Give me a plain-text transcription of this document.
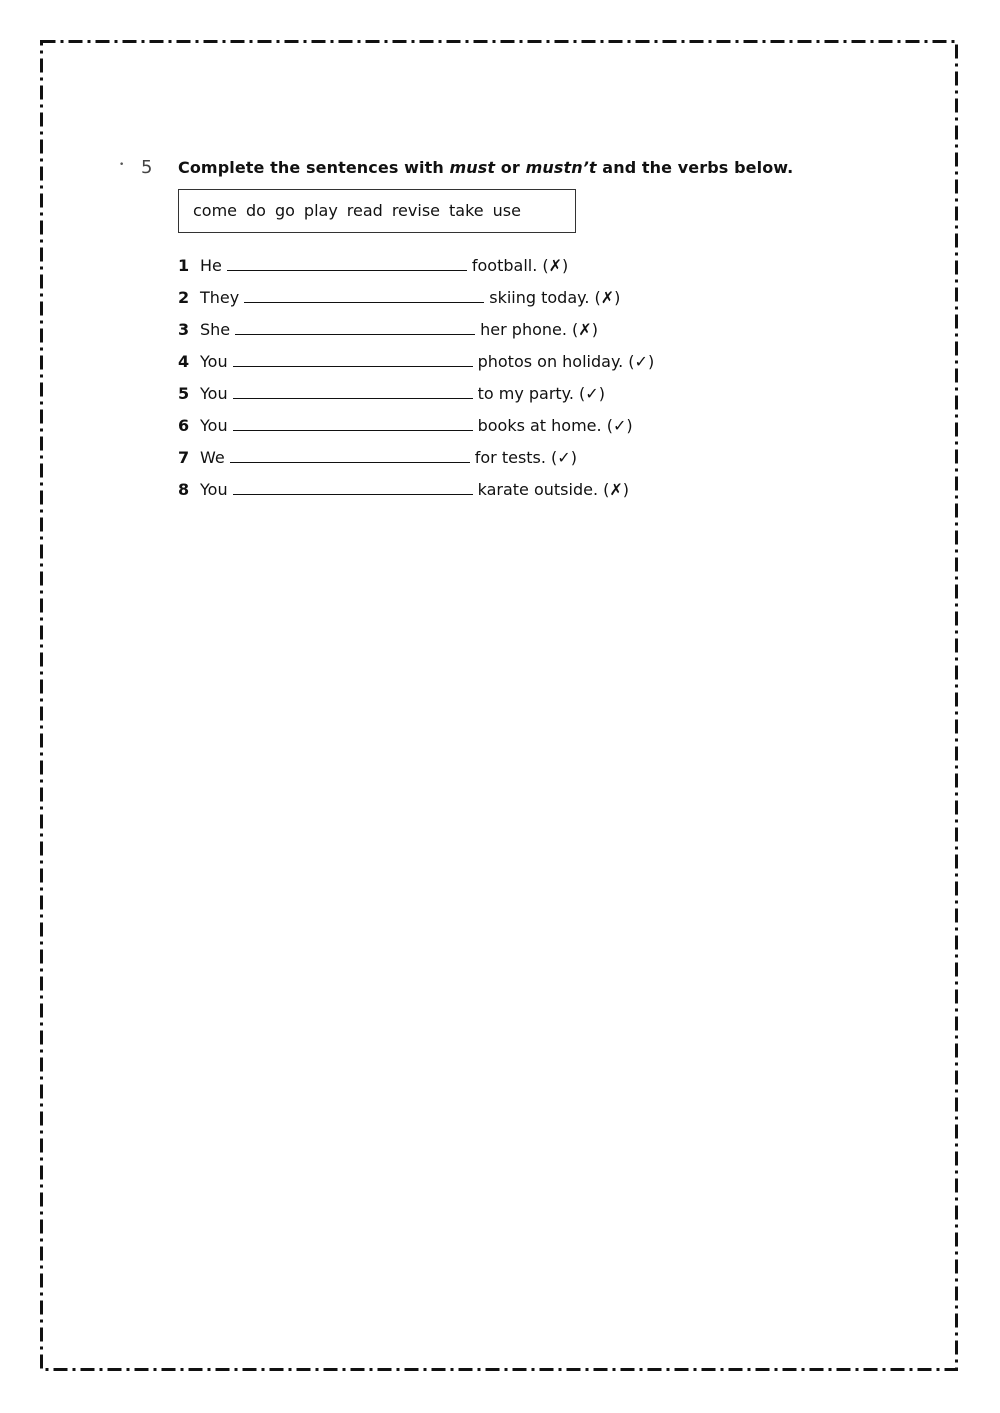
• 5 Complete the sentences with must or mustn’t and the verbs below.
come do go play read revise take use
1 He	football. (✗)
2 They	skiing today. (✗)
3 She	her phone. (✗)
4 You	photos on holiday. (✓)
5 You	to my party. (✓)
6 You	books at home. (✓)
7 We	for tests. (✓)
8 You	karate outside. (✗)
